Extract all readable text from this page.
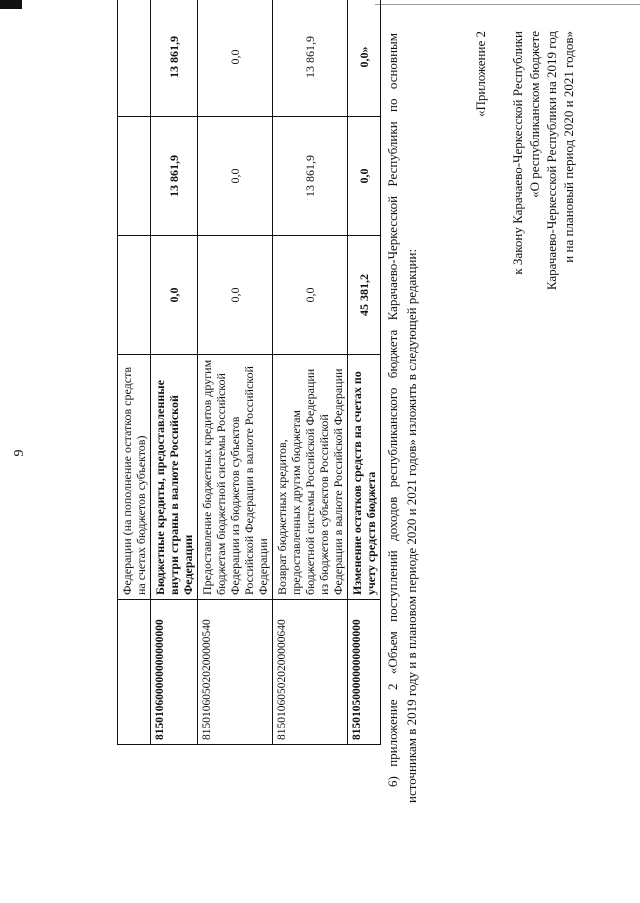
9
		Федерации (на пополнение остатков средств на счетах бюджетов субъектов)			
815010600000000000000	Бюджетные кредиты, предоставленные внутри страны в валюте Российской Федерации	0,0	13 861,9	13 861,9
815010605020200000540	Предоставление бюджетных кредитов другим бюджетам бюджетной системы Российской Федерации из бюджетов субъектов Российской Федерации в валюте Российской Федерации	0,0	0,0	0,0
815010605020200000640	Возврат бюджетных кредитов, предоставленных другим бюджетам бюджетной системы Российской Федерации из бюджетов субъектов Российской Федерации в валюте Российской Федерации	0,0	13 861,9	13 861,9
815010500000000000000	Изменение остатков средств на счетах по учету средств бюджета	45 381,2	0,0	0,0» 6) приложение 2 «Объем поступлений доходов республиканского бюджета Карачаево-Черкесской Республики по основным источникам в 2019 году и в плановом периоде 2020 и 2021 годов» изложить в следующей редакции:

«Приложение 2 к Закону Карачаево-Черкесской Республики «О республиканском бюджете Карачаево-Черкесской Республики на 2019 год и на плановый период 2020 и 2021 годов»
